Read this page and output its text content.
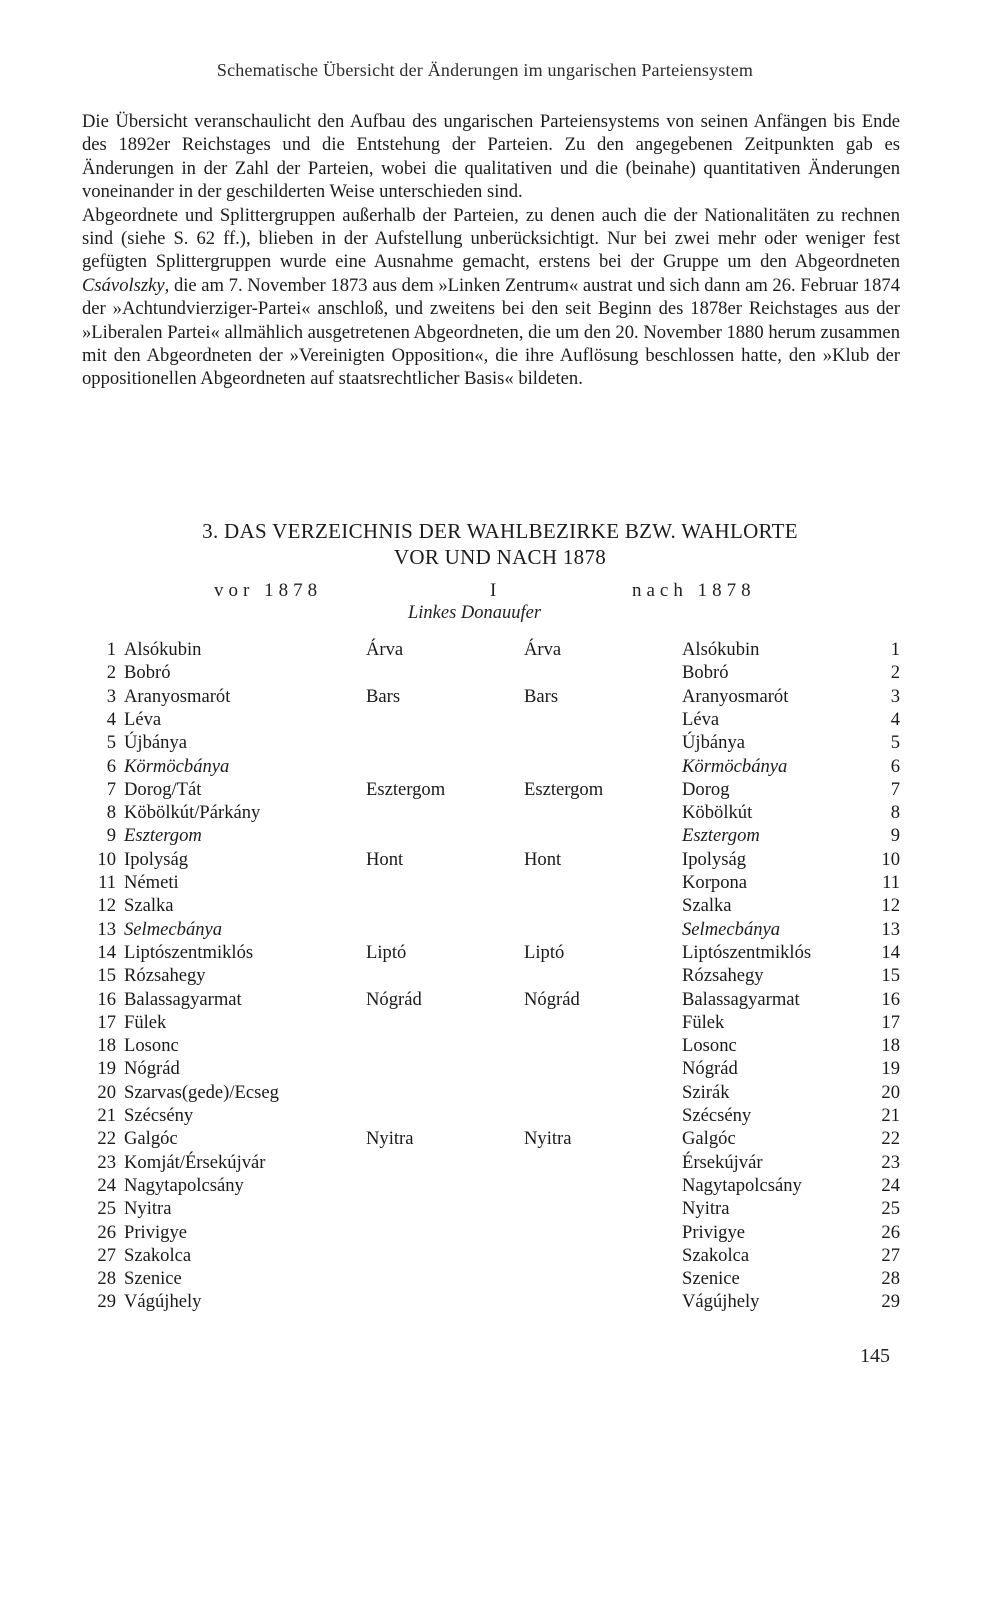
Schematische Übersicht der Änderungen im ungarischen Parteiensystem

Die Übersicht veranschaulicht den Aufbau des ungarischen Parteiensystems von seinen Anfängen bis Ende des 1892er Reichstages und die Entstehung der Parteien. Zu den angegebenen Zeitpunkten gab es Änderungen in der Zahl der Parteien, wobei die qualitativen und die (beinahe) quantitativen Änderungen voneinander in der geschilderten Weise unterschieden sind.

Abgeordnete und Splittergruppen außerhalb der Parteien, zu denen auch die der Nationalitäten zu rechnen sind (siehe S. 62 ff.), blieben in der Aufstellung unberücksichtigt. Nur bei zwei mehr oder weniger fest gefügten Splittergruppen wurde eine Ausnahme gemacht, erstens bei der Gruppe um den Abgeordneten Csávolszky, die am 7. November 1873 aus dem »Linken Zentrum« austrat und sich dann am 26. Februar 1874 der »Achtundvierziger-Partei« anschloß, und zweitens bei den seit Beginn des 1878er Reichstages aus der »Liberalen Partei« allmählich ausgetretenen Abgeordneten, die um den 20. November 1880 herum zusammen mit den Abgeordneten der »Vereinigten Opposition«, die ihre Auflösung beschlossen hatte, den »Klub der oppositionellen Abgeordneten auf staatsrechtlicher Basis« bildeten.

3. DAS VERZEICHNIS DER WAHLBEZIRKE BZW. WAHLORTE
VOR UND NACH 1878
vor 1878	I	nach 1878
Linkes Donauufer
1 Alsókubin	Árva	Árva	Alsókubin	1
2 Bobró	Bobró	2
3 Aranyosmarót	Bars	Bars	Aranyosmarót	3
4 Léva	Léva	4
5 Újbánya	Újbánya	5
6 Körmöcbánya	Körmöcbánya	6
7 Dorog/Tát	Esztergom	Esztergom	Dorog	7
8 Köbölkút/Párkány	Köbölkút	8
9 Esztergom	Esztergom	9
10 Ipolyság	Hont	Hont	Ipolyság	10
11 Németi	Korpona	11
12 Szalka	Szalka	12
13 Selmecbánya	Selmecbánya	13
14 Liptószentmiklós	Liptó	Liptó	Liptószentmiklós	14
15 Rózsahegy	Rózsahegy	15
16 Balassagyarmat	Nógrád	Nógrád	Balassagyarmat	16
17 Fülek	Fülek	17
18 Losonc	Losonc	18
19 Nógrád	Nógrád	19
20 Szarvas(gede)/Ecseg	Szirák	20
21 Szécsény	Szécsény	21
22 Galgóc	Nyitra	Nyitra	Galgóc	22
23 Komját/Érsekújvár	Érsekújvár	23
24 Nagytapolcsány	Nagytapolcsány	24
25 Nyitra	Nyitra	25
26 Privigye	Privigye	26
27 Szakolca	Szakolca	27
28 Szenice	Szenice	28
29 Vágújhely	Vágújhely	29
145
